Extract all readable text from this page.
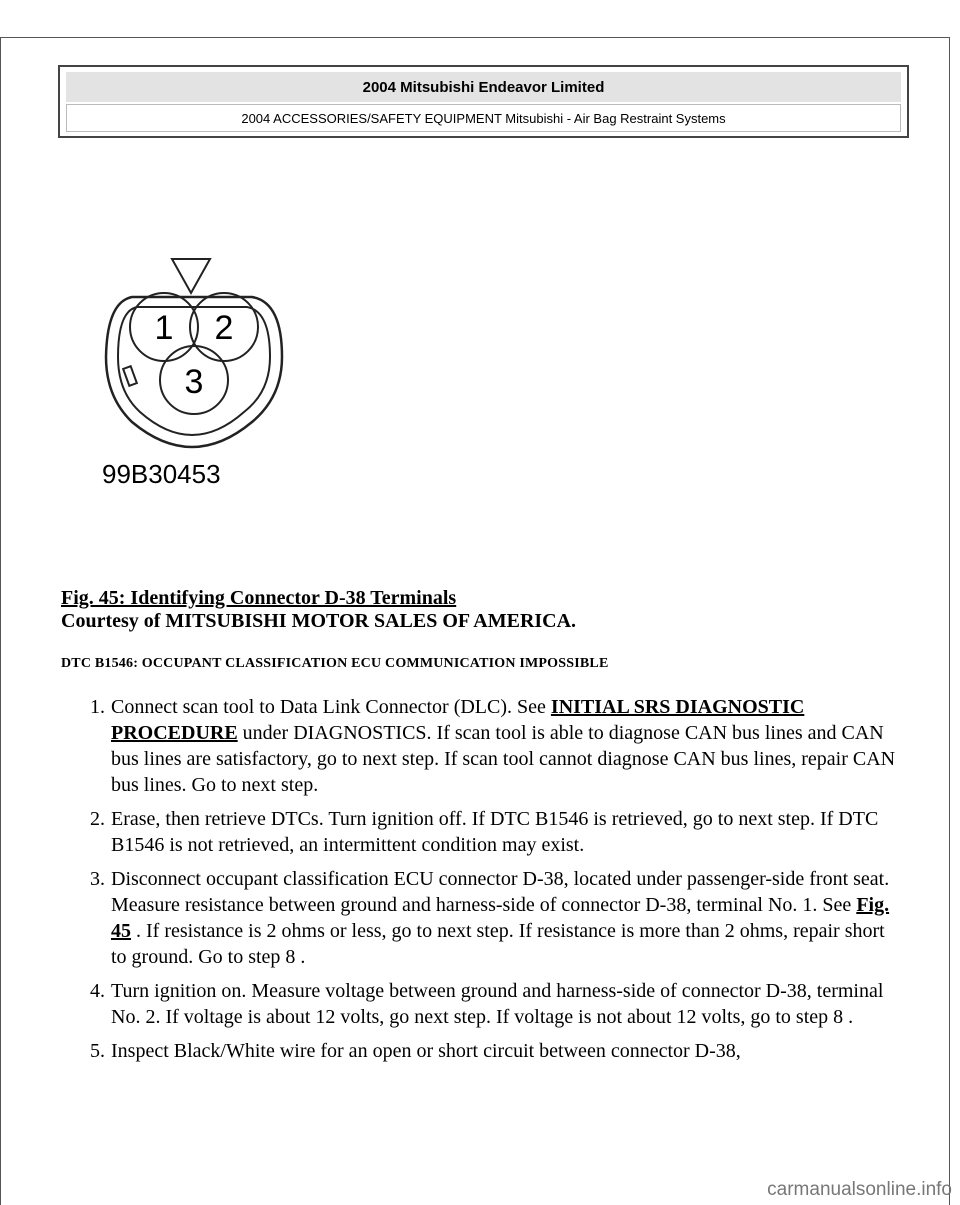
2004 Mitsubishi Endeavor Limited
2004 ACCESSORIES/SAFETY EQUIPMENT Mitsubishi - Air Bag Restraint Systems
1 2
3
99B30453
Fig. 45: Identifying Connector D-38 Terminals
Courtesy of MITSUBISHI MOTOR SALES OF AMERICA.
DTC B1546: OCCUPANT CLASSIFICATION ECU COMMUNICATION IMPOSSIBLE
1. Connect scan tool to Data Link Connector (DLC). See INITIAL SRS DIAGNOSTIC PROCEDURE under DIAGNOSTICS. If scan tool is able to diagnose CAN bus lines and CAN bus lines are satisfactory, go to next step. If scan tool cannot diagnose CAN bus lines, repair CAN bus lines. Go to next step.
2. Erase, then retrieve DTCs. Turn ignition off. If DTC B1546 is retrieved, go to next step. If DTC B1546 is not retrieved, an intermittent condition may exist.
3. Disconnect occupant classification ECU connector D-38, located under passenger-side front seat. Measure resistance between ground and harness-side of connector D-38, terminal No. 1. See Fig. 45 . If resistance is 2 ohms or less, go to next step. If resistance is more than 2 ohms, repair short to ground. Go to step 8 .
4. Turn ignition on. Measure voltage between ground and harness-side of connector D-38, terminal No. 2. If voltage is about 12 volts, go next step. If voltage is not about 12 volts, go to step 8 .
5. Inspect Black/White wire for an open or short circuit between connector D-38,
carmanualsonline.info
